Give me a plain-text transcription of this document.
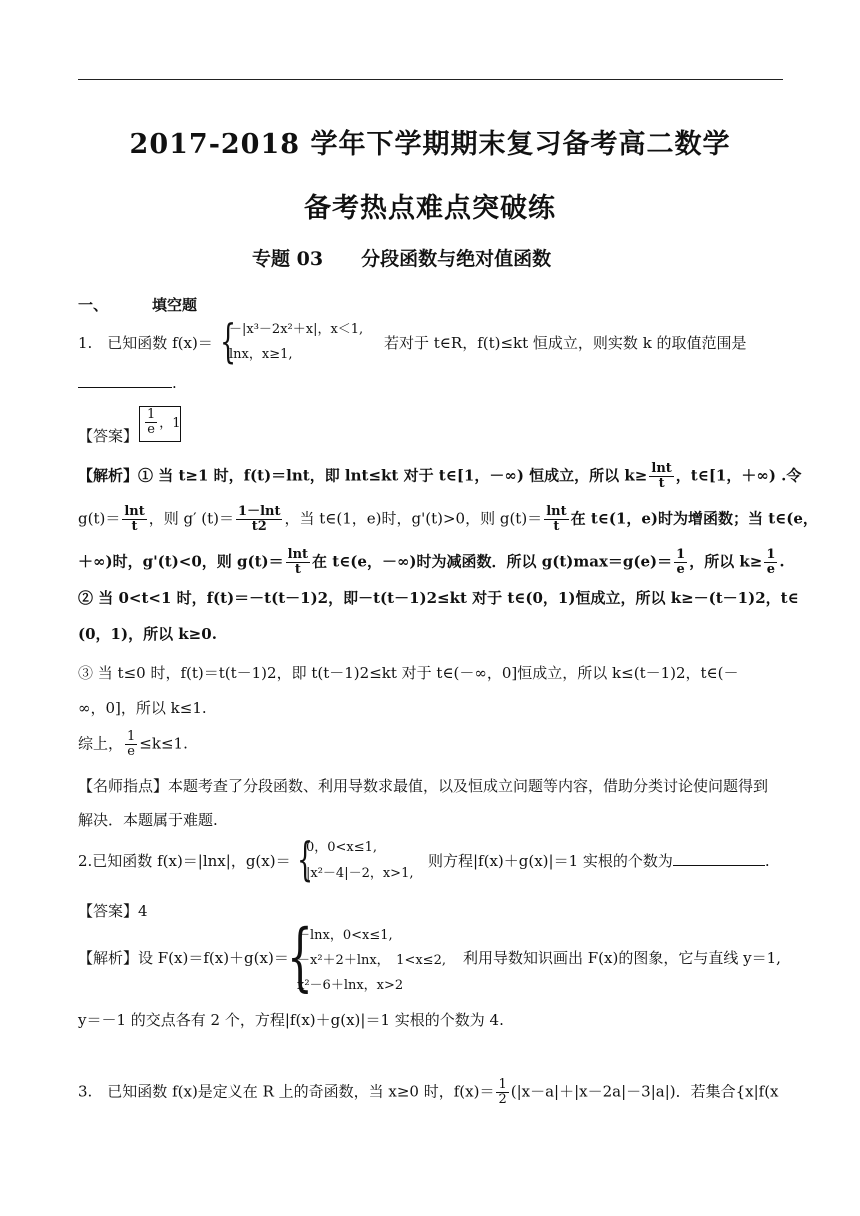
2017-2018 学年下学期期末复习备考高二数学
备考热点难点突破练
专题 03 分段函数与绝对值函数
一、	填空题
1.　已知函数 f(x)＝ {
－|x³－2x²＋x|，x＜1,
lnx，x≥1,
若对于 t∈R，f(t)≤kt 恒成立，则实数 k 的取值范围是
.
【答案】 $\frac{1}{e}$ ，1
【解析】① 当 t≥1 时，f(t)＝lnt，即 lnt≤kt 对于 t∈[1，－∞) 恒成立，所以 $k\ge \frac{\ln t}{t}$ ，t∈[1，＋∞) .令
$g(t)= \frac{\ln t}{t}$ ，则 g′ $(t)= \frac{1-\ln t}{t2}$ ，当 t∈(1，e)时，g'(t)>0，则 $g(t)= \frac{\ln t}{t}$ 在 t∈(1，e)时为增函数；当 t∈(e，
＋∞)时，g'(t)<0，则 $g(t)= \frac{\ln t}{t}$ 在 t∈(e，－∞)时为减函数．所以 $g(t)\max=g(e)= \frac{1}{e}$ ，所以 $k\ge \frac{1}{e}$ .
② 当 0<t<1 时，f(t)＝－t(t－1)2，即－t(t－1)2≤kt 对于 t∈(0，1)恒成立，所以 k≥－(t－1)2，t∈
(0，1)，所以 k≥0.
③ 当 t≤0 时，f(t)＝t(t－1)2，即 t(t－1)2≤kt 对于 t∈(－∞，0]恒成立，所以 k≤(t－1)2，t∈(－
∞，0]，所以 k≤1.
综上， $\frac{1}{e} \le k\le 1$.
【名师指点】本题考查了分段函数、利用导数求最值，以及恒成立问题等内容，借助分类讨论使问题得到
解决．本题属于难题.
2.已知函数 f(x)＝|lnx|，g(x)＝ {
0，0<x≤1,
|x²－4|－2，x>1,
则方程|f(x)＋g(x)|＝1 实根的个数为	.
【答案】4
【解析】设 F(x)＝f(x)＋g(x)＝
{
－lnx，0<x≤1,
－x²＋2＋lnx，　1<x≤2,
x²－6＋lnx，x>2
利用导数知识画出 F(x)的图象，它与直线 y＝1,
y＝－1 的交点各有 2 个，方程|f(x)＋g(x)|＝1 实根的个数为 4.
3.　已知函数 f(x)是定义在 R 上的奇函数，当 x≥0 时，$f(x)= \frac{1}{2} (|x-a|+|x-2a|-3|a|)$．若集合{x|f(x
